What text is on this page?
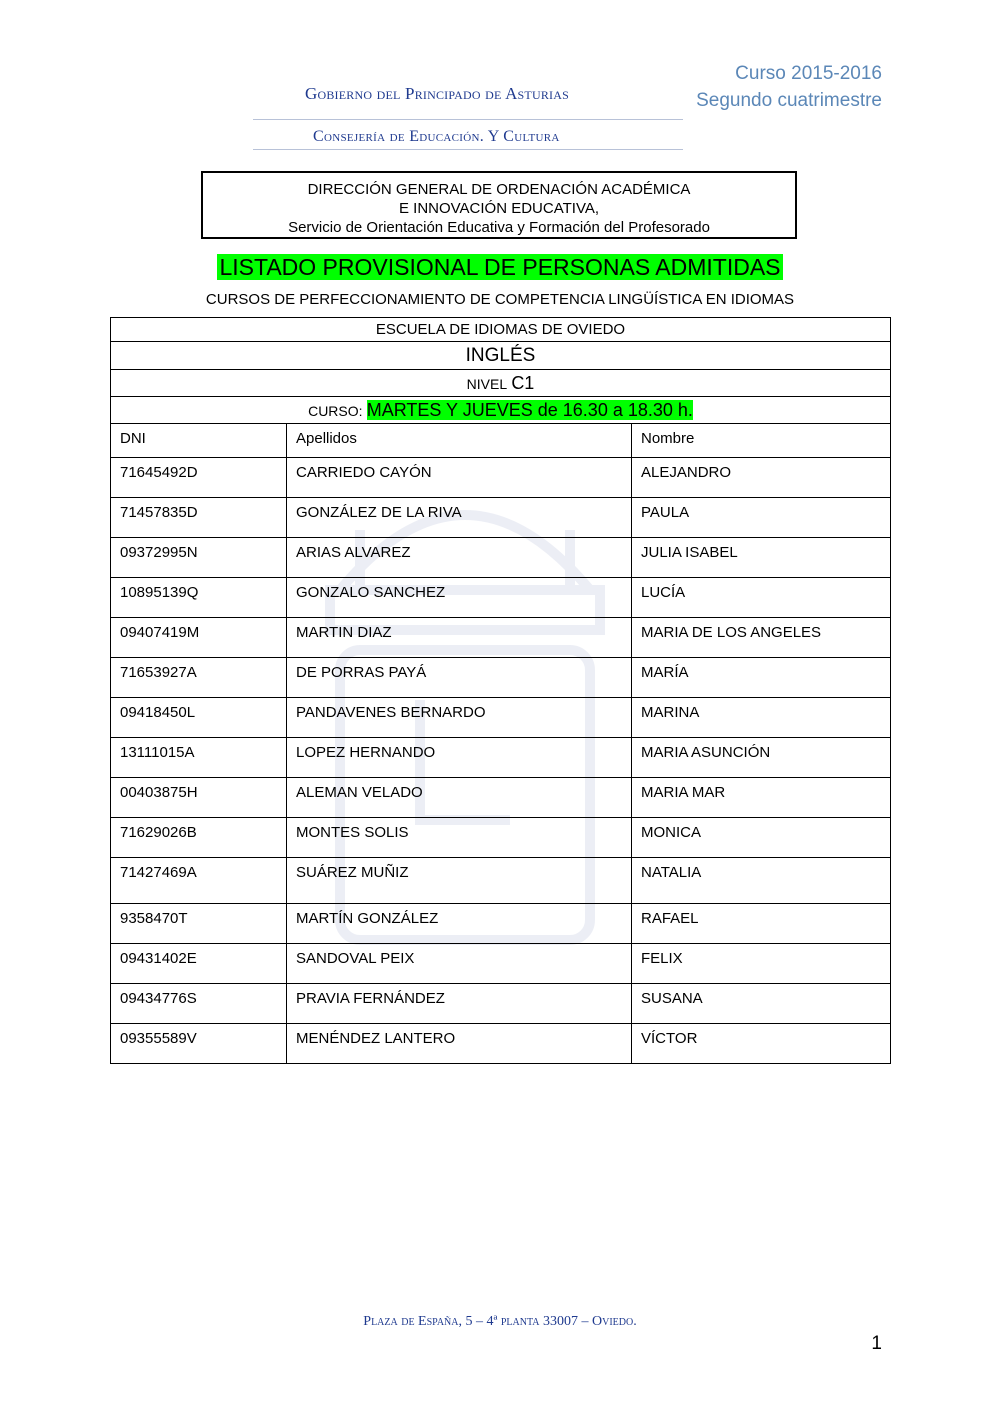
Gobierno del Principado de Asturias
Consejería de Educación. Y Cultura
Curso 2015-2016
Segundo cuatrimestre
DIRECCIÓN GENERAL DE ORDENACIÓN ACADÉMICA
E INNOVACIÓN EDUCATIVA,
Servicio de Orientación Educativa y Formación del Profesorado
LISTADO PROVISIONAL DE PERSONAS ADMITIDAS
CURSOS DE PERFECCIONAMIENTO DE COMPETENCIA LINGÜÍSTICA EN IDIOMAS
ESCUELA DE IDIOMAS DE OVIEDO		
INGLÉS		
NIVEL C1		
CURSO: MARTES Y JUEVES de 16.30 a 18.30 h.		
DNI	Apellidos	Nombre
71645492D	CARRIEDO CAYÓN	ALEJANDRO
71457835D	GONZÁLEZ DE LA RIVA	PAULA
09372995N	ARIAS ALVAREZ	JULIA ISABEL
10895139Q	GONZALO SANCHEZ	LUCÍA
09407419M	MARTIN DIAZ	MARIA DE LOS ANGELES
71653927A	DE PORRAS PAYÁ	MARÍA
09418450L	PANDAVENES BERNARDO	MARINA
13111015A	LOPEZ HERNANDO	MARIA ASUNCIÓN
00403875H	ALEMAN VELADO	MARIA MAR
71629026B	MONTES SOLIS	MONICA
71427469A	SUÁREZ MUÑIZ	NATALIA
9358470T	MARTÍN GONZÁLEZ	RAFAEL
09431402E	SANDOVAL PEIX	FELIX
09434776S	PRAVIA FERNÁNDEZ	SUSANA
09355589V	MENÉNDEZ LANTERO	VÍCTOR
Plaza de España, 5 – 4ª planta 33007 – Oviedo.
1
